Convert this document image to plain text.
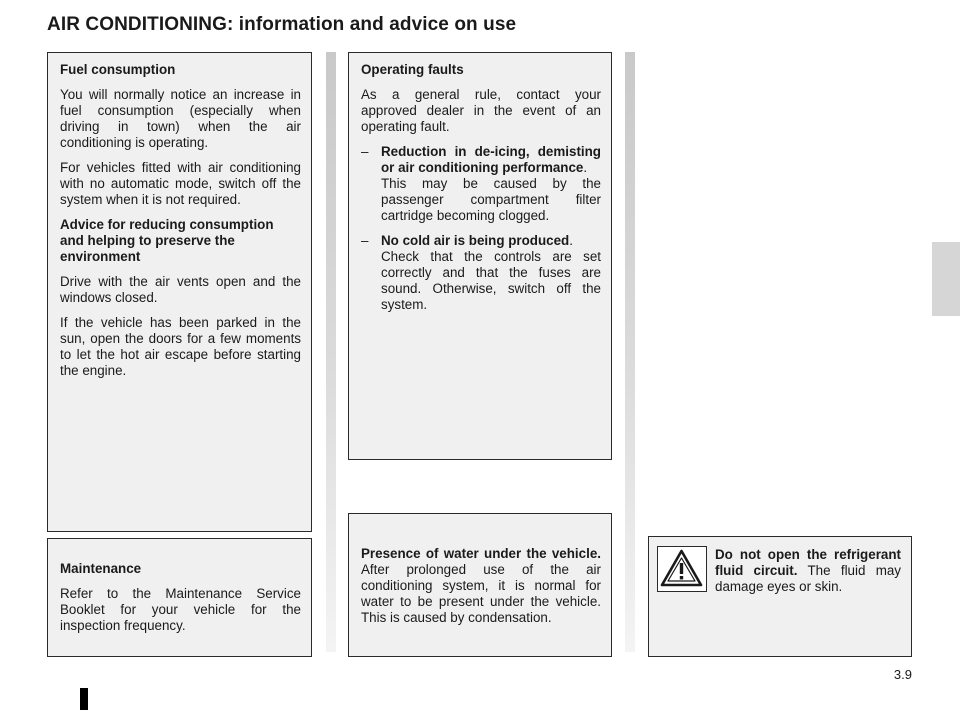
AIR CONDITIONING: information and advice on use

Fuel consumption

You will normally notice an increase in fuel consumption (especially when driving in town) when the air conditioning is operating.

For vehicles fitted with air conditioning with no automatic mode, switch off the system when it is not required.

Advice for reducing consumption and helping to preserve the environment

Drive with the air vents open and the windows closed.

If the vehicle has been parked in the sun, open the doors for a few moments to let the hot air escape before starting the engine.

Operating faults

As a general rule, contact your approved dealer in the event of an operating fault.

– Reduction in de-icing, demisting or air conditioning performance.
This may be caused by the passenger compartment filter cartridge becoming clogged.
– No cold air is being produced.
Check that the controls are set correctly and that the fuses are sound. Otherwise, switch off the system.

Maintenance

Refer to the Maintenance Service Booklet for your vehicle for the inspection frequency.

Presence of water under the vehicle. After prolonged use of the air conditioning system, it is normal for water to be present under the vehicle. This is caused by condensation.

Do not open the refrigerant fluid circuit. The fluid may damage eyes or skin.
3.9
